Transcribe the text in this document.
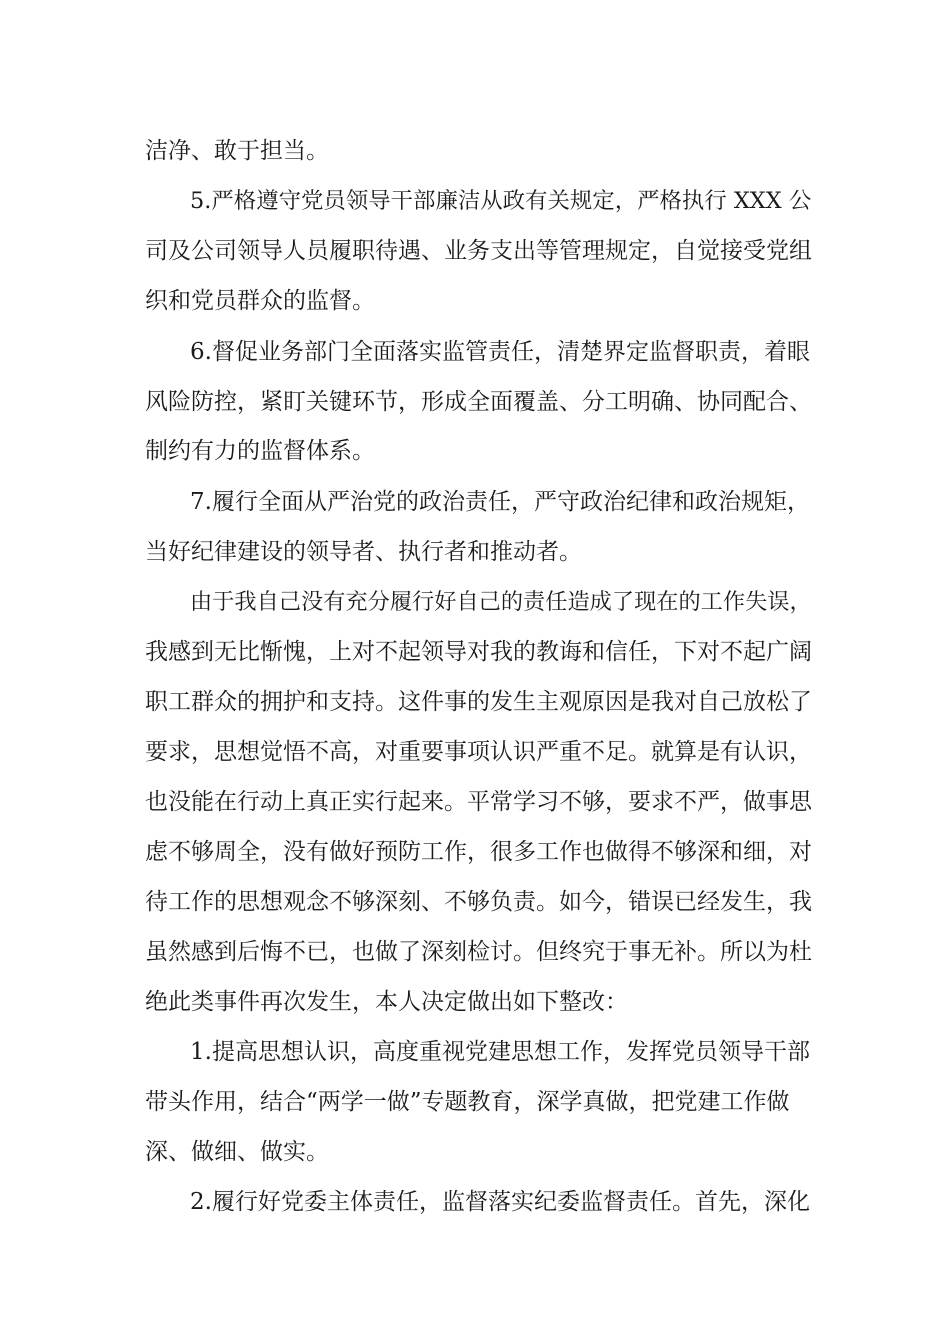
洁净、敢于担当。
5.严格遵守党员领导干部廉洁从政有关规定，严格执行 XXX 公
司及公司领导人员履职待遇、业务支出等管理规定，自觉接受党组
织和党员群众的监督。
6.督促业务部门全面落实监管责任，清楚界定监督职责，着眼
风险防控，紧盯关键环节，形成全面覆盖、分工明确、协同配合、
制约有力的监督体系。
7.履行全面从严治党的政治责任，严守政治纪律和政治规矩，
当好纪律建设的领导者、执行者和推动者。
由于我自己没有充分履行好自己的责任造成了现在的工作失误，
我感到无比惭愧，上对不起领导对我的教诲和信任，下对不起广阔
职工群众的拥护和支持。这件事的发生主观原因是我对自己放松了
要求，思想觉悟不高，对重要事项认识严重不足。就算是有认识，
也没能在行动上真正实行起来。平常学习不够，要求不严，做事思
虑不够周全，没有做好预防工作，很多工作也做得不够深和细，对
待工作的思想观念不够深刻、不够负责。如今，错误已经发生，我
虽然感到后悔不已，也做了深刻检讨。但终究于事无补。所以为杜
绝此类事件再次发生，本人决定做出如下整改：
1.提高思想认识，高度重视党建思想工作，发挥党员领导干部
带头作用，结合“两学一做”专题教育，深学真做，把党建工作做
深、做细、做实。
2.履行好党委主体责任，监督落实纪委监督责任。首先，深化
